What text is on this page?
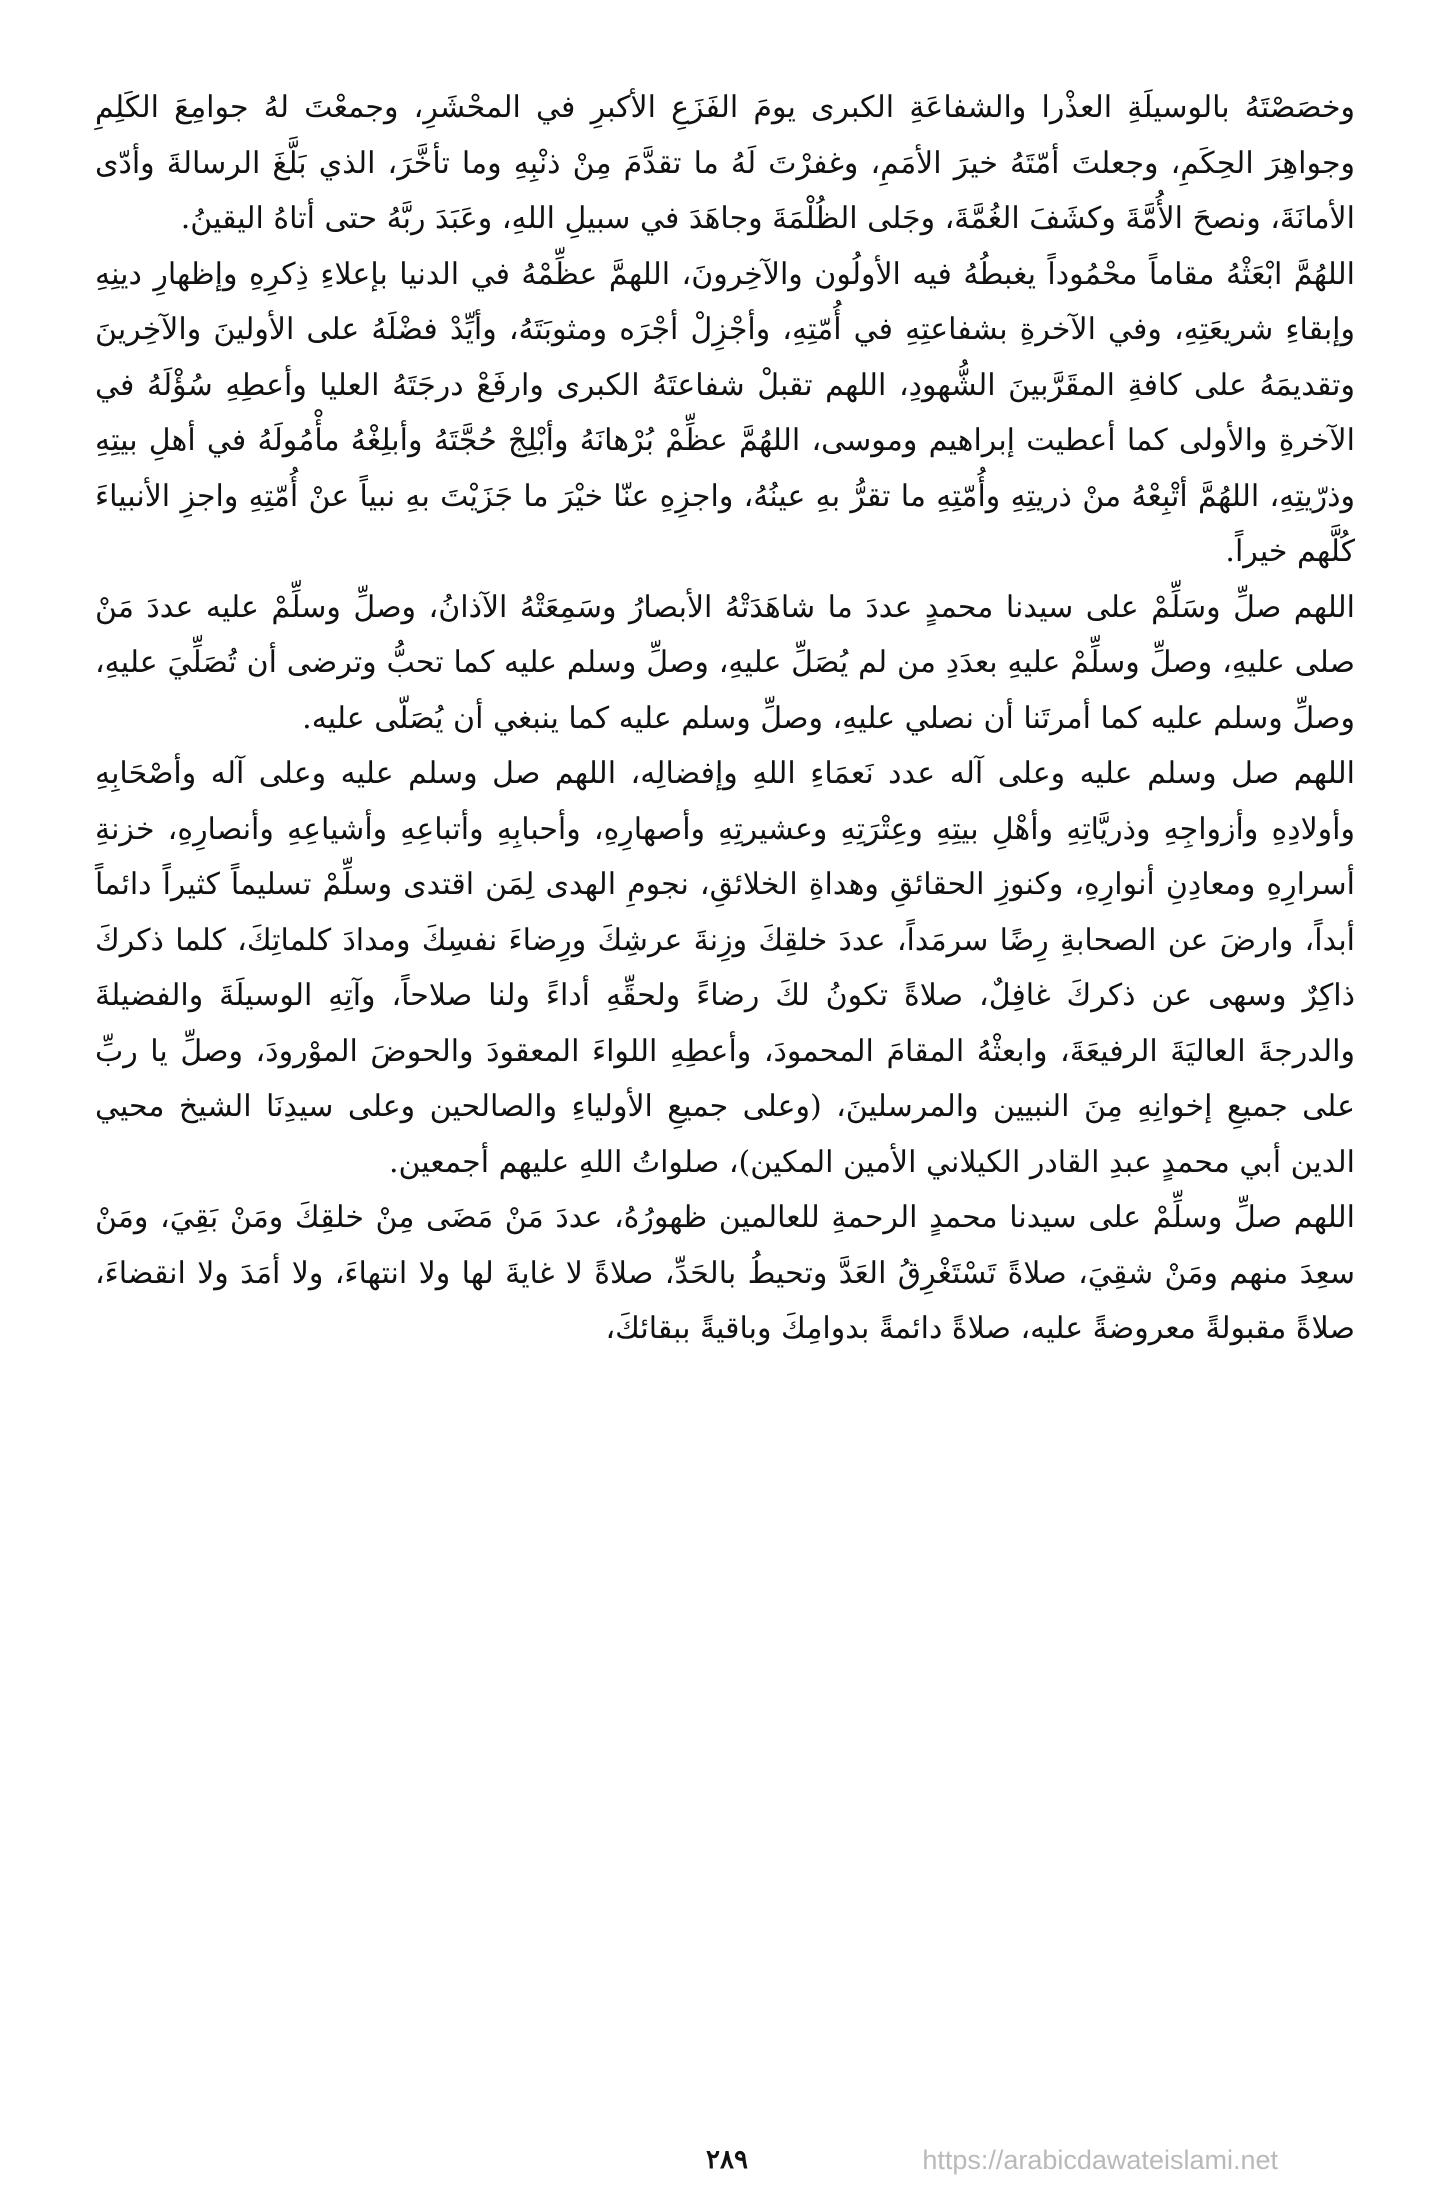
وخصَصْتَهُ بالوسيلَةِ العذْرا والشفاعَةِ الكبرى يومَ الفَزَعِ الأكبرِ في المحْشَرِ، وجمعْتَ لهُ جوامِعَ الكَلِمِ وجواهِرَ الحِكَمِ، وجعلتَ أمّتَهُ خيرَ الأمَمِ، وغفرْتَ لَهُ ما تقدَّمَ مِنْ ذنْبِهِ وما تأخَّرَ، الذي بَلَّغَ الرسالةَ وأدّى الأمانَةَ، ونصحَ الأُمَّةَ وكشَفَ الغُمَّةَ، وجَلى الظُلْمَةَ وجاهَدَ في سبيلِ اللهِ، وعَبَدَ ربَّهُ حتى أتاهُ اليقينُ.

اللهُمَّ ابْعَثْهُ مقاماً محْمُوداً يغبطُهُ فيه الأولُون والآخِرونَ، اللهمَّ عظِّمْهُ في الدنيا بإعلاءِ ذِكرِهِ وإظهارِ دينِهِ وإبقاءِ شريعَتِهِ، وفي الآخرةِ بشفاعتِهِ في أُمّتِهِ، وأجْزِلْ أجْرَه ومثوبَتَهُ، وأيِّدْ فضْلَهُ على الأولينَ والآخِرينَ وتقديمَهُ على كافةِ المقَرَّبينَ الشُّهودِ، اللهم تقبلْ شفاعتَهُ الكبرى وارفَعْ درجَتَهُ العليا وأعطِهِ سُؤْلَهُ في الآخرةِ والأولى كما أعطيت إبراهيم وموسى، اللهُمَّ عظِّمْ بُرْهانَهُ وأبْلِجْ حُجَّتَهُ وأبلِغْهُ مأْمُولَهُ في أهلِ بيتِهِ وذرّيتِهِ، اللهُمَّ أتْبِعْهُ منْ ذريتِهِ وأُمّتِهِ ما تقرُّ بهِ عينُهُ، واجزِهِ عنّا خيْرَ ما جَزَيْتَ بهِ نبياً عنْ أُمّتِهِ واجزِ الأنبياءَ كُلَّهم خيراً.

اللهم صلِّ وسَلِّمْ على سيدنا محمدٍ عددَ ما شاهَدَتْهُ الأبصارُ وسَمِعَتْهُ الآذانُ، وصلِّ وسلِّمْ عليه عددَ مَنْ صلى عليهِ، وصلِّ وسلِّمْ عليهِ بعدَدِ من لم يُصَلِّ عليهِ، وصلِّ وسلم عليه كما تحبُّ وترضى أن تُصَلِّيَ عليهِ، وصلِّ وسلم عليه كما أمرتَنا أن نصلي عليهِ، وصلِّ وسلم عليه كما ينبغي أن يُصَلّى عليه.

اللهم صل وسلم عليه وعلى آله عدد نَعمَاءِ اللهِ وإفضالِه، اللهم صل وسلم عليه وعلى آله وأصْحَابِهِ وأولادِهِ وأزواجِهِ وذريَّاتِهِ وأهْلِ بيتِهِ وعِتْرَتِهِ وعشيرتِهِ وأصهارِهِ، وأحبابِهِ وأتباعِهِ وأشياعِهِ وأنصارِهِ، خزنةِ أسرارِهِ ومعادِنِ أنوارِهِ، وكنوزِ الحقائقِ وهداةِ الخلائقِ، نجومِ الهدى لِمَن اقتدى وسلِّمْ تسليماً كثيراً دائماً أبداً، وارضَ عن الصحابةِ رِضًا سرمَداً، عددَ خلقِكَ وزِنةَ عرشِكَ ورِضاءَ نفسِكَ ومدادَ كلماتِكَ، كلما ذكركَ ذاكِرٌ وسهى عن ذكركَ غافِلٌ، صلاةً تكونُ لكَ رضاءً ولحقِّهِ أداءً ولنا صلاحاً، وآتِهِ الوسيلَةَ والفضيلةَ والدرجةَ العاليَةَ الرفيعَةَ، وابعثْهُ المقامَ المحمودَ، وأعطِهِ اللواءَ المعقودَ والحوضَ الموْرودَ، وصلِّ يا ربِّ على جميعِ إخوانِهِ مِنَ النبيين والمرسلينَ، (وعلى جميعِ الأولياءِ والصالحين وعلى سيدِنَا الشيخ محيي الدين أبي محمدٍ عبدِ القادر الكيلاني الأمين المكين)، صلواتُ اللهِ عليهم أجمعين.

اللهم صلِّ وسلِّمْ على سيدنا محمدٍ الرحمةِ للعالمين ظهورُهُ، عددَ مَنْ مَضَى مِنْ خلقِكَ ومَنْ بَقِيَ، ومَنْ سعِدَ منهم ومَنْ شقِيَ، صلاةً تَسْتَغْرِقُ العَدَّ وتحيطُ بالحَدِّ، صلاةً لا غايةَ لها ولا انتهاءَ، ولا أمَدَ ولا انقضاءَ، صلاةً مقبولةً معروضةً عليه، صلاةً دائمةً بدوامِكَ وباقيةً ببقائكَ،

٢٨٩	https://arabicdawateislami.net
